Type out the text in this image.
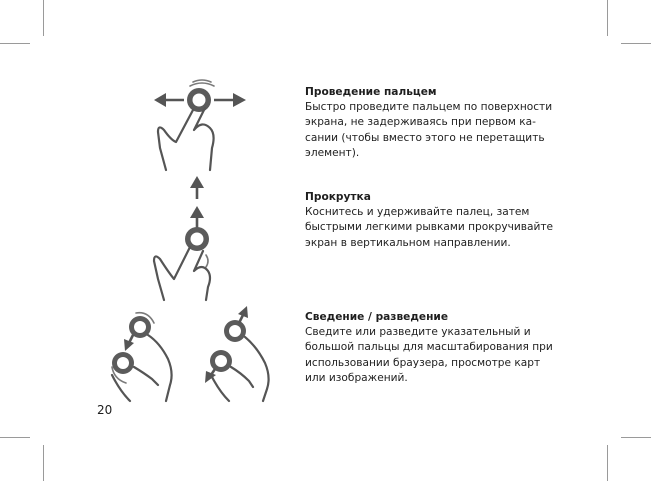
Проведение пальцем

Быстро проведите пальцем по поверхности
экрана, не задерживаясь при первом ка-
сании (чтобы вместо этого не перетащить
элемент).

Прокрутка

Коснитесь и удерживайте палец, затем
быстрыми легкими рывками прокручивайте
экран в вертикальном направлении.

Сведение / разведение

Сведите или разведите указательный и
большой пальцы для масштабирования при
использовании браузера, просмотре карт
или изображений.

20
